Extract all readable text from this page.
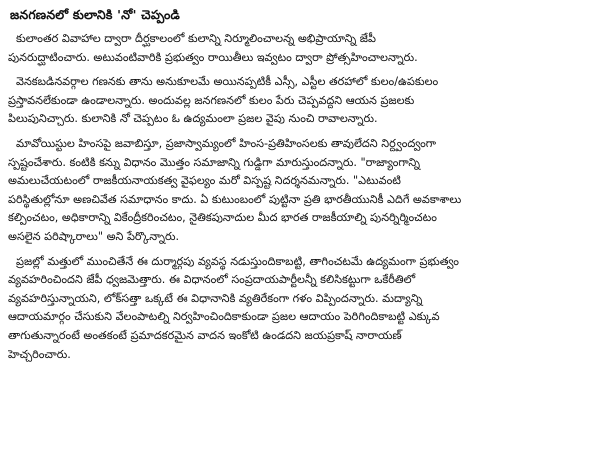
జనగణనలో కులానికి 'నో' చెప్పండి
కులాంతర వివాహాల ద్వారా దీర్ఘకాలంలో కులాన్ని నిర్మూలించాలన్న అభిప్రాయాన్ని జేపీ
పునరుద్ఘాటించారు. అటువంటివారికి ప్రభుత్వం రాయితీలు ఇవ్వటం ద్వారా ప్రోత్సహించాలన్నారు.
వెనకబడినవర్గాల గణనకు తాను అనుకూలమే అయినప్పటికీ ఎస్సీ, ఎస్టీల తరహాలో కులం/ఉపకులం
ప్రస్తావనలేకుండా ఉండాలన్నారు. అందువల్ల జనగణనలో కులం పేరు చెప్పవద్దని ఆయన ప్రజలకు
పిలుపునిచ్చారు. కులానికి నో చెప్పటం ఓ ఉద్యమంలా ప్రజల వైపు నుంచి రావాలన్నారు.
మావోయిస్టుల హింసపై జవాబిస్తూ, ప్రజాస్వామ్యంలో హింస-ప్రతిహింసలకు తావులేదని నిర్ద్వంద్వంగా
స్పష్టంచేశారు. కంటికి కన్ను విధానం మొత్తం సమాజాన్ని గుడ్డిగా మారుస్తుందన్నారు. "రాజ్యాంగాన్ని
అమలుచేయటంలో రాజకీయనాయకత్వ వైఫల్యం మరో విస్పష్ట నిదర్శనమన్నారు. "ఎటువంటి
పరిస్థితుల్లోనూ అణచివేత సమాధానం కాదు. ఏ కుటుంబంలో పుట్టినా ప్రతి భారతీయునికీ ఎదిగే అవకాశాలు
కల్పించటం, అధికారాన్ని వికేంద్రీకరించటం, నైతికపునాదుల మీద భారత రాజకీయాల్ని పునర్నిర్మించటం
అసలైన పరిష్కారాలు" అని పేర్కొన్నారు.
ప్రజల్లో మత్తులో ముంచితేనే ఈ దుర్మార్గపు వ్యవస్థ నడుస్తుందికాబట్టి, తాగించటమే ఉద్యమంగా ప్రభుత్వం
వ్యవహరించిందని జేపీ ధ్వజమెత్తారు. ఈ విధానంలో సంప్రదాయపార్టీలన్నీ కలిసికట్టుగా ఒకేరీతిలో
వ్యవహరిస్తున్నాయని, లోక్‌సత్తా ఒక్కటే ఈ విధానానికి వ్యతిరేకంగా గళం విప్పిందన్నారు. మద్యాన్ని
ఆదాయమార్గం చేసుకుని వేలంపాటల్ని నిర్వహించిందికాకుండా ప్రజల ఆదాయం పెరిగిందికాబట్టి ఎక్కువ
తాగుతున్నారంటే అంతకంటే ప్రమాదకరమైన వాదన ఇంకోటి ఉండదని జయప్రకాష్ నారాయణ్
హెచ్చరించారు.
